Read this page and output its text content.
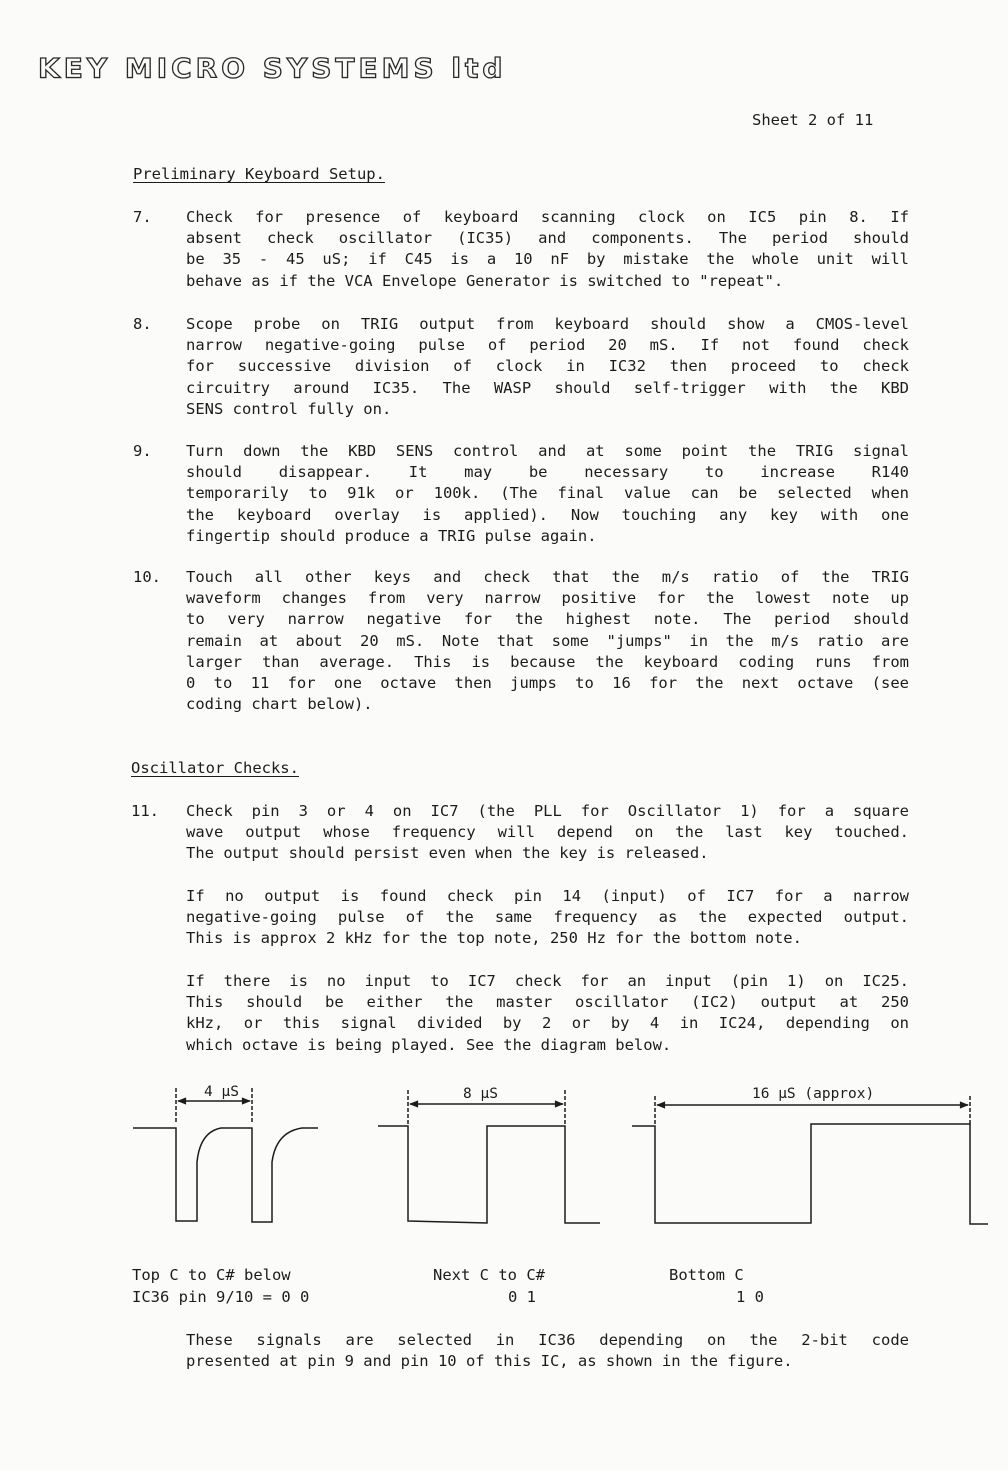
KEY MICRO SYSTEMS ltd
Sheet 2 of 11
Preliminary Keyboard Setup.
7. Check for presence of keyboard scanning clock on IC5 pin 8. If
absent check oscillator (IC35) and components. The period should
be 35 - 45 uS; if C45 is a 10 nF by mistake the whole unit will
behave as if the VCA Envelope Generator is switched to "repeat".
8. Scope probe on TRIG output from keyboard should show a CMOS-level
narrow negative-going pulse of period 20 mS. If not found check
for successive division of clock in IC32 then proceed to check
circuitry around IC35. The WASP should self-trigger with the KBD
SENS control fully on.
9. Turn down the KBD SENS control and at some point the TRIG signal
should disappear. It may be necessary to increase R140
temporarily to 91k or 100k. (The final value can be selected when
the keyboard overlay is applied). Now touching any key with one
fingertip should produce a TRIG pulse again.
10. Touch all other keys and check that the m/s ratio of the TRIG
waveform changes from very narrow positive for the lowest note up
to very narrow negative for the highest note. The period should
remain at about 20 mS. Note that some "jumps" in the m/s ratio are
larger than average. This is because the keyboard coding runs from
0 to 11 for one octave then jumps to 16 for the next octave (see
coding chart below).
Oscillator Checks.
11. Check pin 3 or 4 on IC7 (the PLL for Oscillator 1) for a square
wave output whose frequency will depend on the last key touched.
The output should persist even when the key is released.
If no output is found check pin 14 (input) of IC7 for a narrow
negative-going pulse of the same frequency as the expected output.
This is approx 2 kHz for the top note, 250 Hz for the bottom note.
If there is no input to IC7 check for an input (pin 1) on IC25.
This should be either the master oscillator (IC2) output at 250
kHz, or this signal divided by 2 or by 4 in IC24, depending on
which octave is being played. See the diagram below.
4 µS	8 µS	16 µS (approx)
Top C to C# below	Next C to C#	Bottom C
IC36 pin 9/10 = 0 0	0 1	1 0
These signals are selected in IC36 depending on the 2-bit code
presented at pin 9 and pin 10 of this IC, as shown in the figure.
